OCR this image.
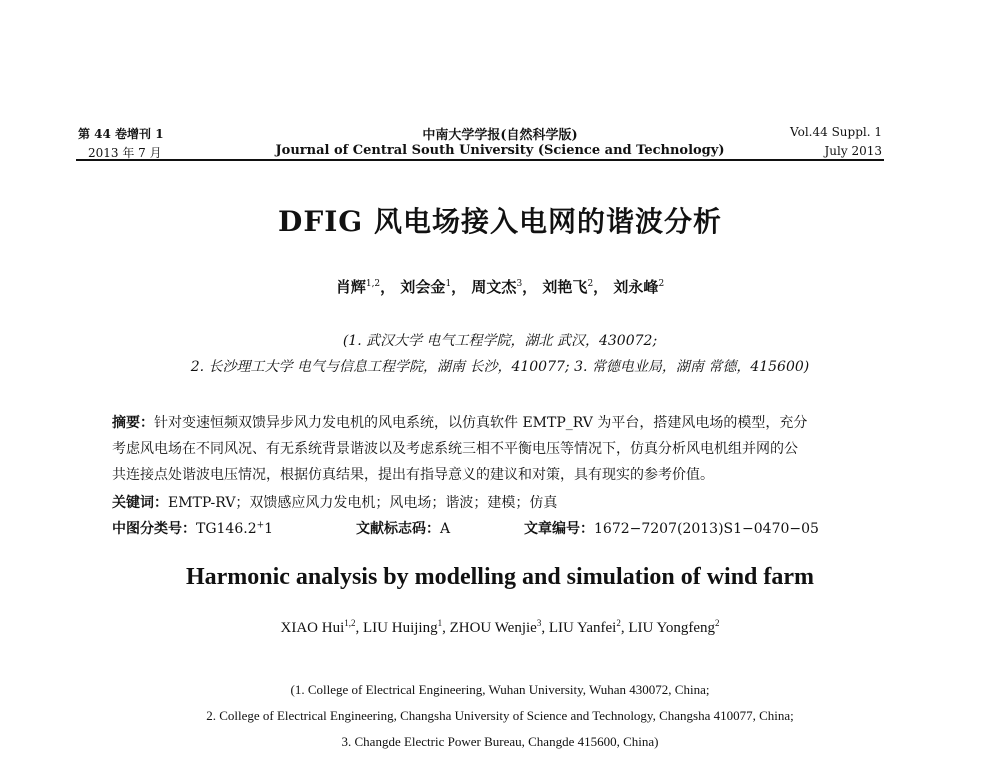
第 44 卷增刊 1
2013 年 7 月
中南大学学报(自然科学版)
Journal of Central South University (Science and Technology)
Vol.44 Suppl. 1
July 2013
DFIG 风电场接入电网的谐波分析
肖辉$^{1,2}$， 刘会金$^1$， 周文杰$^3$， 刘艳飞$^2$， 刘永峰$^2$
(1. 武汉大学 电气工程学院，湖北 武汉，430072;
2. 长沙理工大学 电气与信息工程学院，湖南 长沙，410077; 3. 常德电业局，湖南 常德，415600)
摘要：针对变速恒频双馈异步风力发电机的风电系统，以仿真软件 EMTP_RV 为平台，搭建风电场的模型，充分
考虑风电场在不同风况、有无系统背景谐波以及考虑系统三相不平衡电压等情况下，仿真分析风电机组并网的公
共连接点处谐波电压情况，根据仿真结果，提出有指导意义的建议和对策，具有现实的参考价值。
关键词：EMTP-RV；双馈感应风力发电机；风电场；谐波；建模；仿真
中图分类号：TG146.2+1	文献标志码：A	文章编号：1672−7207(2013)S1−0470−05
Harmonic analysis by modelling and simulation of wind farm
XIAO Hui$^{1,2}$, LIU Huijing$^1$, ZHOU Wenjie$^3$, LIU Yanfei$^2$, LIU Yongfeng$^2$
(1. College of Electrical Engineering, Wuhan University, Wuhan 430072, China;
2. College of Electrical Engineering, Changsha University of Science and Technology, Changsha 410077, China;
3. Changde Electric Power Bureau, Changde 415600, China)
